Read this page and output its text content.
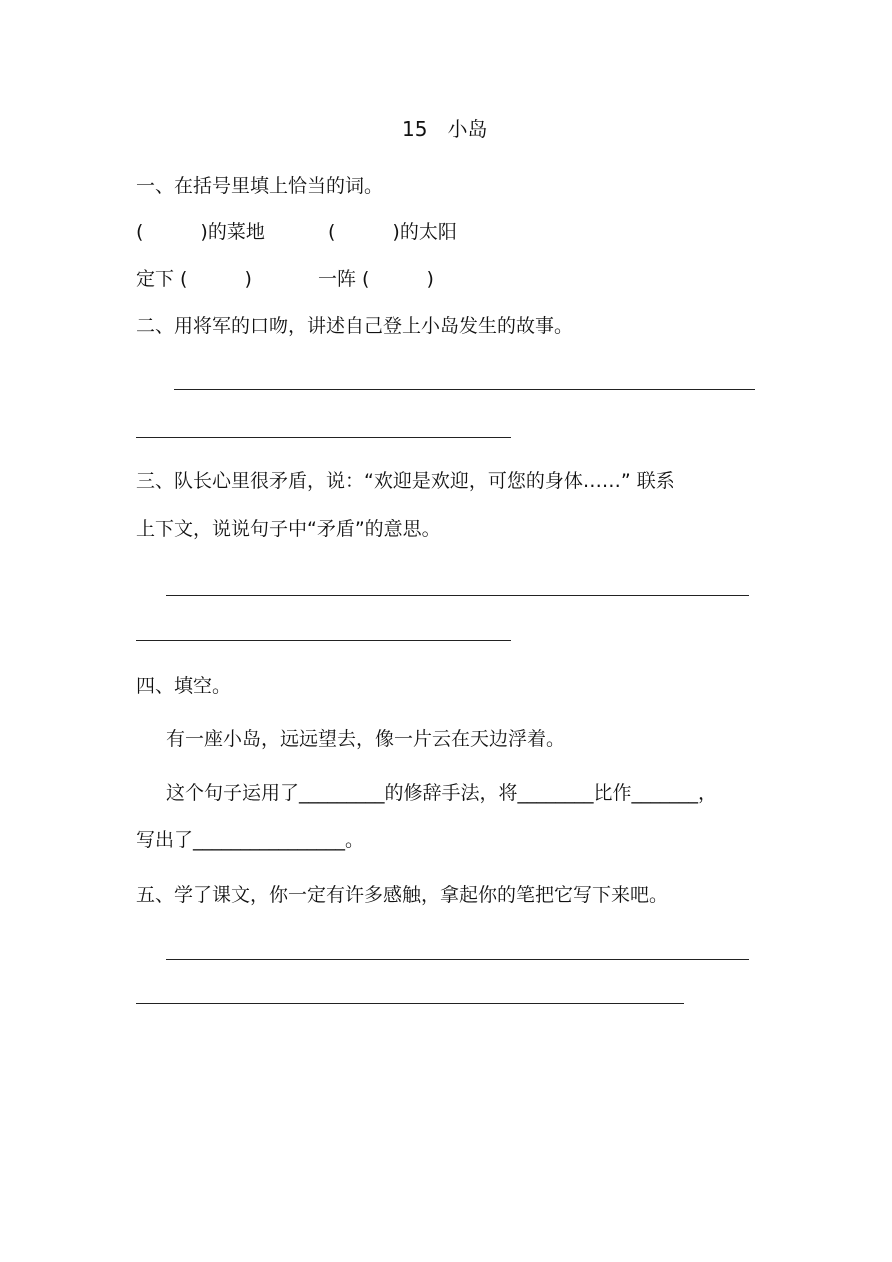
15　小岛
一、在括号里填上恰当的词。
(　　　)的菜地	(　　　)的太阳
定下 (　　　)	一阵 (　　　)
二、用将军的口吻，讲述自己登上小岛发生的故事。
三、队长心里很矛盾，说：“欢迎是欢迎，可您的身体……” 联系
上下文，说说句子中“矛盾”的意思。
四、填空。
有一座小岛，远远望去，像一片云在天边浮着。
这个句子运用了_________的修辞手法，将________比作_______，
写出了________________。
五、学了课文，你一定有许多感触，拿起你的笔把它写下来吧。
